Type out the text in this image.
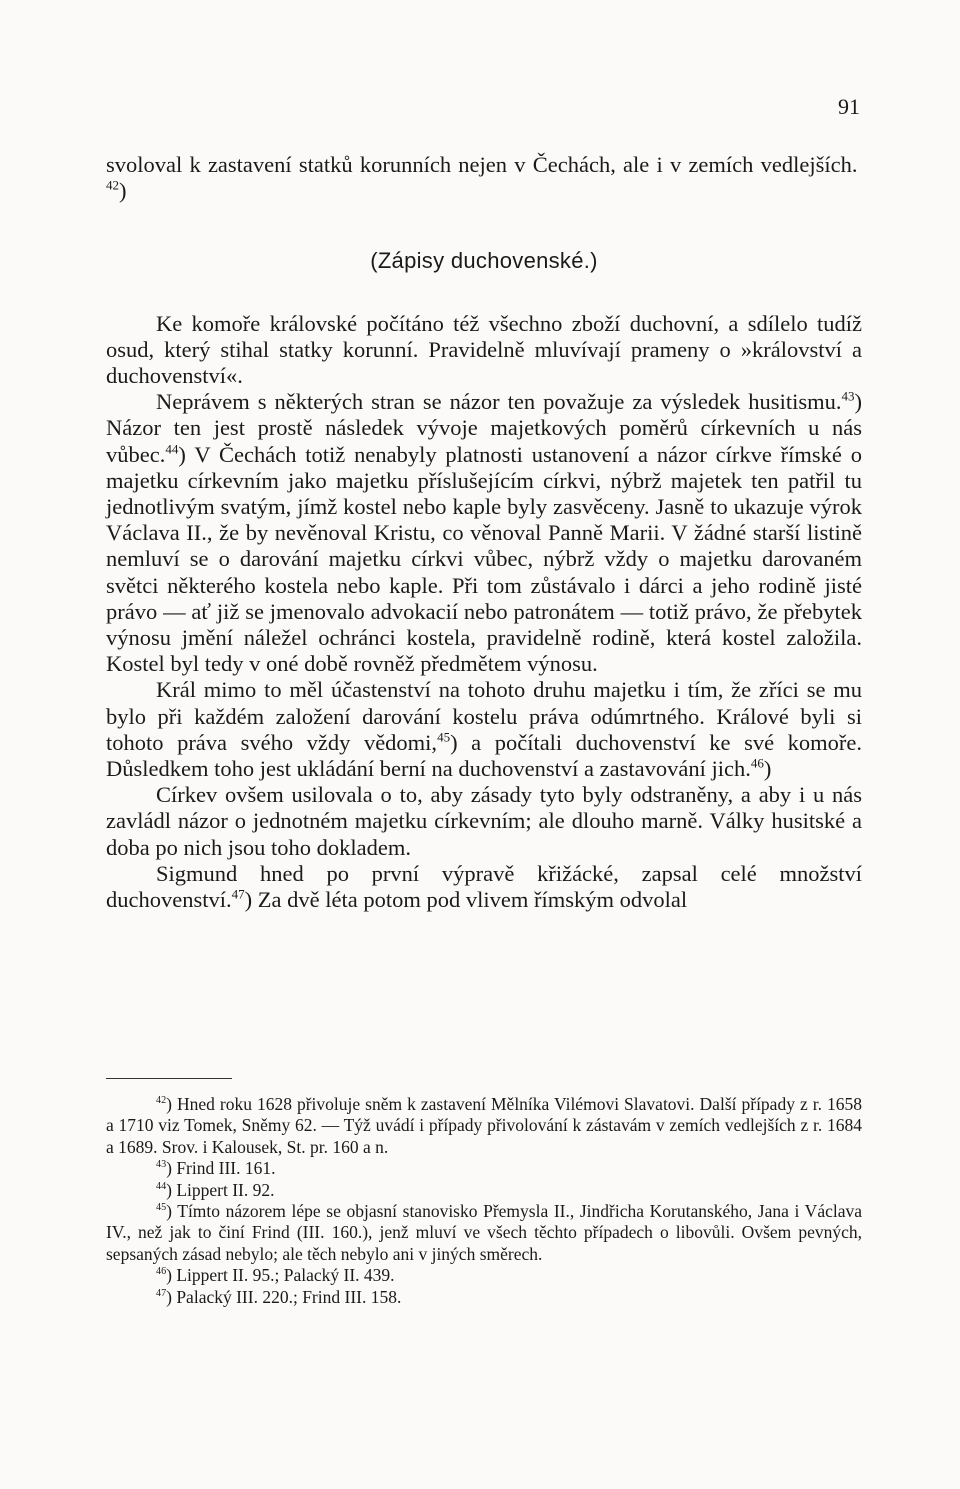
91

svoloval k zastavení statků korunních nejen v Čechách, ale i v zemích vedlejších. $^{42}$)

(Zápisy duchovenské.)

Ke komoře královské počítáno též všechno zboží duchovní, a sdílelo tudíž osud, který stihal statky korunní. Pravidelně mluvívají prameny o »království a duchovenství«.

Neprávem s některých stran se názor ten považuje za výsledek husitismu.$^{43}$) Názor ten jest prostě následek vývoje majetkových poměrů církevních u nás vůbec.$^{44}$) V Čechách totiž nenabyly platnosti ustanovení a názor církve římské o majetku církevním jako majetku příslušejícím církvi, nýbrž majetek ten patřil tu jednotlivým svatým, jímž kostel nebo kaple byly zasvěceny. Jasně to ukazuje výrok Václava II., že by nevěnoval Kristu, co věnoval Panně Marii. V žádné starší listině nemluví se o darování majetku církvi vůbec, nýbrž vždy o majetku darovaném světci některého kostela nebo kaple. Při tom zůstávalo i dárci a jeho rodině jisté právo — ať již se jmenovalo advokacií nebo patronátem — totiž právo, že přebytek výnosu jmění náležel ochránci kostela, pravidelně rodině, která kostel založila. Kostel byl tedy v oné době rovněž předmětem výnosu.

Král mimo to měl účastenství na tohoto druhu majetku i tím, že zříci se mu bylo při každém založení darování kostelu práva odúmrtného. Králové byli si tohoto práva svého vždy vědomi,$^{45}$) a počítali duchovenství ke své komoře. Důsledkem toho jest ukládání berní na duchovenství a zastavování jich.$^{46}$)

Církev ovšem usilovala o to, aby zásady tyto byly odstraněny, a aby i u nás zavládl názor o jednotném majetku církevním; ale dlouho marně. Války husitské a doba po nich jsou toho dokladem.

Sigmund hned po první výpravě křižácké, zapsal celé množství duchovenství.$^{47}$) Za dvě léta potom pod vlivem římským odvolal

$^{42}$) Hned roku 1628 přivoluje sněm k zastavení Mělníka Vilémovi Slavatovi. Další případy z r. 1658 a 1710 viz Tomek, Sněmy 62. — Týž uvádí i případy přivolování k zástavám v zemích vedlejších z r. 1684 a 1689. Srov. i Kalousek, St. pr. 160 a n.

$^{43}$) Frind III. 161.

$^{44}$) Lippert II. 92.

$^{45}$) Tímto názorem lépe se objasní stanovisko Přemysla II., Jindřicha Korutanského, Jana i Václava IV., než jak to činí Frind (III. 160.), jenž mluví ve všech těchto případech o libovůli. Ovšem pevných, sepsaných zásad nebylo; ale těch nebylo ani v jiných směrech.

$^{46}$) Lippert II. 95.; Palacký II. 439.

$^{47}$) Palacký III. 220.; Frind III. 158.
